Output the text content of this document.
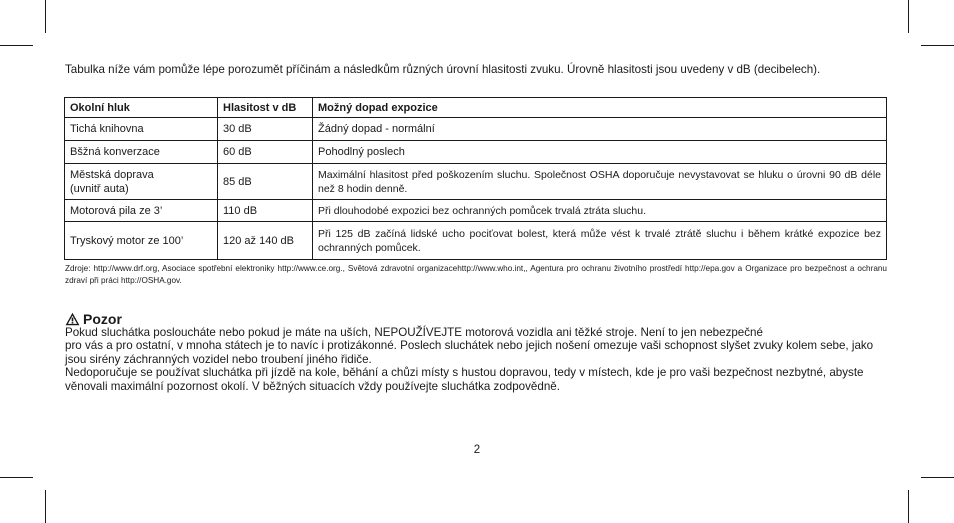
Tabulka níže vám pomůže lépe porozumět příčinám a následkům různých úrovní hlasitosti zvuku. Úrovně hlasitosti jsou uvedeny v dB (decibelech).

Okolní hluk	Hlasitost v dB	Možný dopad expozice
Tichá knihovna	30 dB	Žádný dopad - normální
Bšžná konverzace	60 dB	Pohodlný poslech
Městská doprava
(uvnitř auta)	85 dB	Maximální hlasitost před poškozením sluchu. Společnost OSHA doporučuje nevystavovat se hluku o úrovni 90 dB déle než 8 hodin denně.
Motorová pila ze 3’	110 dB	Při dlouhodobé expozici bez ochranných pomůcek trvalá ztráta sluchu.
Tryskový motor ze 100’	120 až 140 dB	Při 125 dB začíná lidské ucho pociťovat bolest, která může vést k trvalé ztrátě sluchu i během krátké expozice bez ochranných pomůcek.

Zdroje: http://www.drf.org, Asociace spotřební elektroniky http://www.ce.org., Světová zdravotní organizacehttp://www.who.int,, Agentura pro ochranu životního prostředí http://epa.gov a Organizace pro bezpečnost a ochranu zdraví při práci http://OSHA.gov.

Pozor

Pokud sluchátka posloucháte nebo pokud je máte na uších, NEPOUŽÍVEJTE motorová vozidla ani těžké stroje. Není to jen nebezpečné

pro vás a pro ostatní, v mnoha státech je to navíc i protizákonné. Poslech sluchátek nebo jejich nošení omezuje vaši schopnost slyšet zvuky kolem sebe, jako jsou sirény záchranných vozidel nebo troubení jiného řidiče.

Nedoporučuje se používat sluchátka při jízdě na kole, běhání a chůzi místy s hustou dopravou, tedy v místech, kde je pro vaši bezpečnost nezbytné, abyste věnovali maximální pozornost okolí. V běžných situacích vždy používejte sluchátka zodpovědně.

2
